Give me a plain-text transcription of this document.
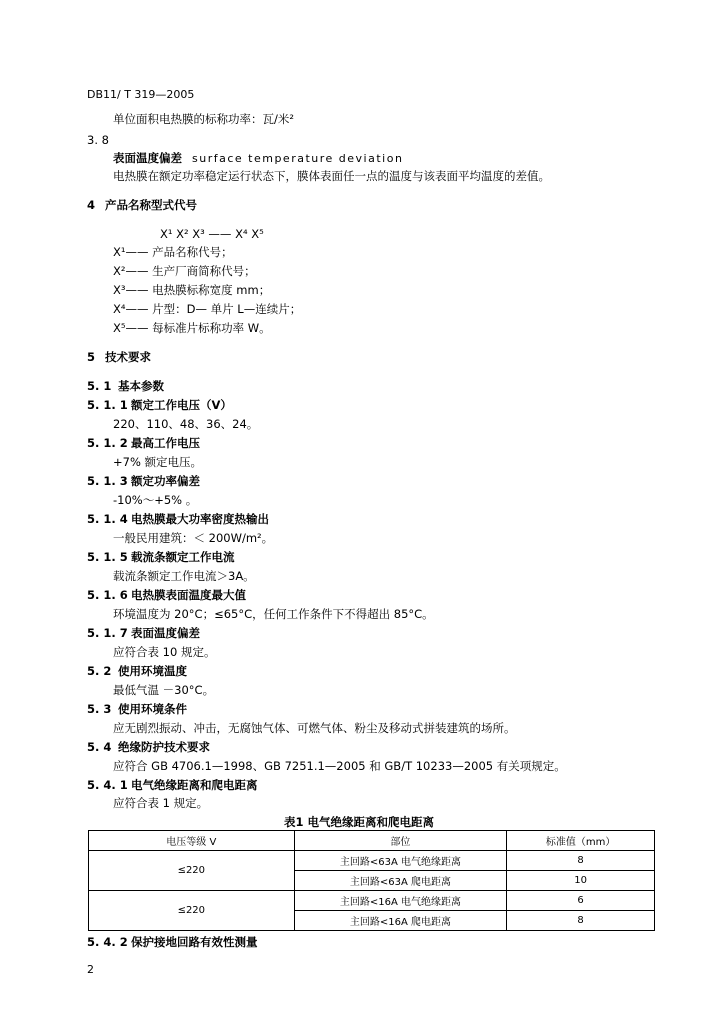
DB11/ T 319—2005
单位面积电热膜的标称功率：瓦/米²
3. 8
表面温度偏差 surface temperature deviation
电热膜在额定功率稳定运行状态下，膜体表面任一点的温度与该表面平均温度的差值。
4 产品名称型式代号
X¹ X² X³ —— X⁴ X⁵
X¹—— 产品名称代号；
X²—— 生产厂商简称代号；
X³—— 电热膜标称宽度 mm；
X⁴—— 片型：D— 单片 L—连续片；
X⁵—— 每标准片标称功率 W。
5 技术要求
5. 1 基本参数
5. 1. 1 额定工作电压（V）
220、110、48、36、24。
5. 1. 2 最高工作电压
+7% 额定电压。
5. 1. 3 额定功率偏差
-10%～+5% 。
5. 1. 4 电热膜最大功率密度热输出
一般民用建筑：＜ 200W/m²。
5. 1. 5 载流条额定工作电流
载流条额定工作电流＞3A。
5. 1. 6 电热膜表面温度最大值
环境温度为 20°C；≤65°C，任何工作条件下不得超出 85°C。
5. 1. 7 表面温度偏差
应符合表 10 规定。
5. 2 使用环境温度
最低气温 －30°C。
5. 3 使用环境条件
应无剧烈振动、冲击，无腐蚀气体、可燃气体、粉尘及移动式拼装建筑的场所。
5. 4 绝缘防护技术要求
应符合 GB 4706.1—1998、GB 7251.1—2005 和 GB/T 10233—2005 有关项规定。
5. 4. 1 电气绝缘距离和爬电距离
应符合表 1 规定。
表1 电气绝缘距离和爬电距离
电压等级 V	部位	标准值（mm）
≤220	主回路<63A 电气绝缘距离	8
	主回路<63A 爬电距离	10
≤220	主回路<16A 电气绝缘距离	6
	主回路<16A 爬电距离	8
5. 4. 2 保护接地回路有效性测量
2
